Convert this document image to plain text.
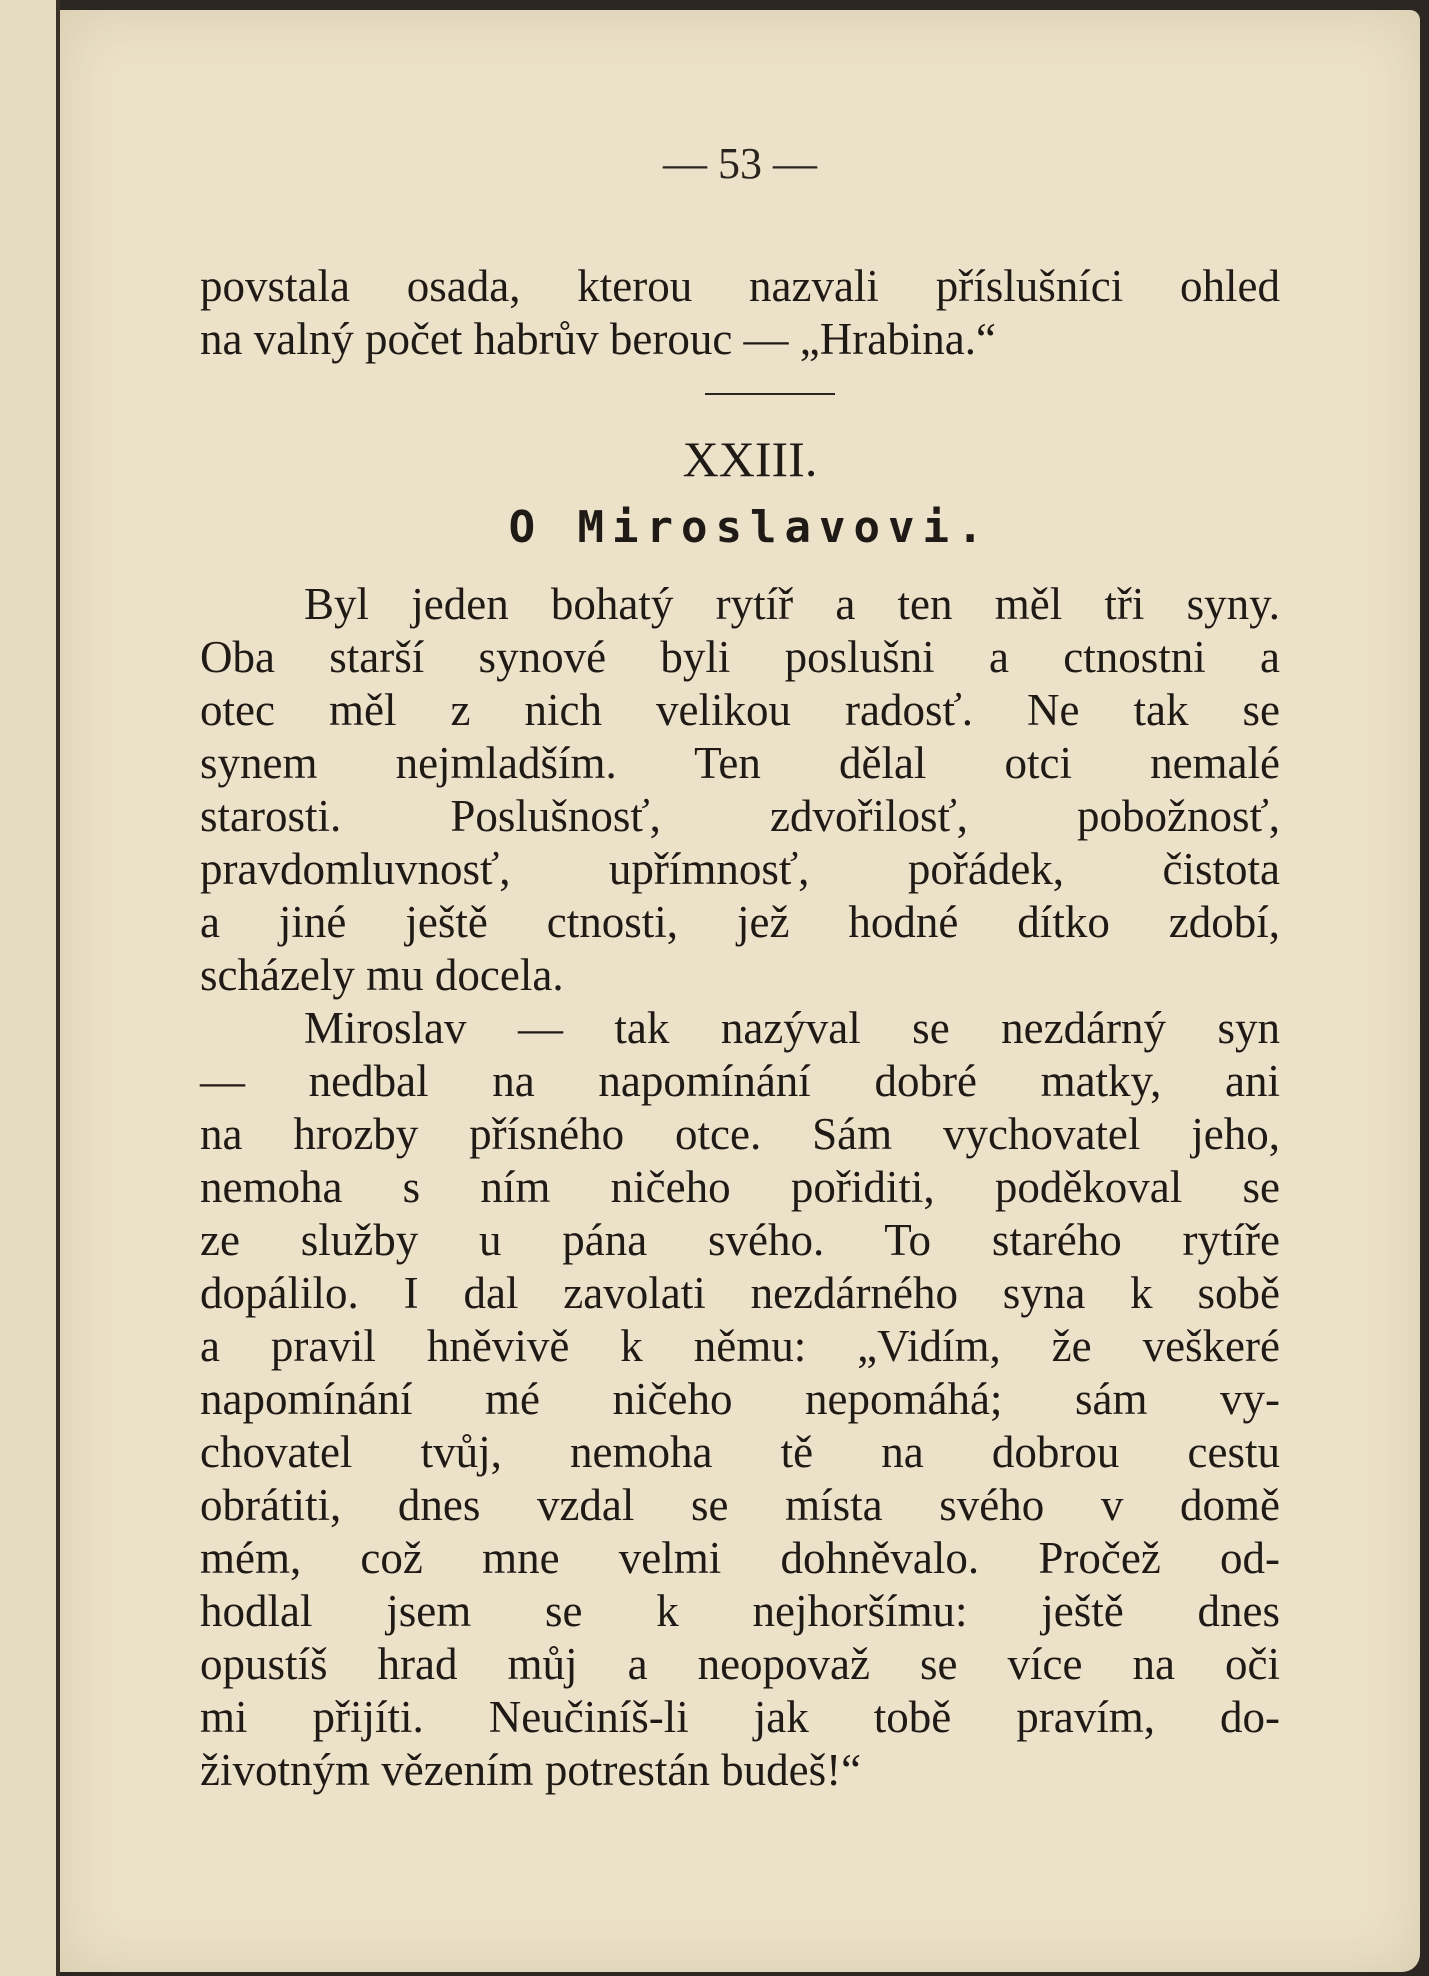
— 53 —
povstala osada, kterou nazvali příslušníci ohled
na valný počet habrův berouc — „Hrabina.“
XXIII.
O Miroslavovi.
Byl jeden bohatý rytíř a ten měl tři syny.
Oba starší synové byli poslušni a ctnostni a
otec měl z nich velikou radosť. Ne tak se
synem nejmladším. Ten dělal otci nemalé
starosti. Poslušnosť, zdvořilosť, pobožnosť,
pravdomluvnosť, upřímnosť, pořádek, čistota
a jiné ještě ctnosti, jež hodné dítko zdobí,
scházely mu docela.
Miroslav — tak nazýval se nezdárný syn
— nedbal na napomínání dobré matky, ani
na hrozby přísného otce. Sám vychovatel jeho,
nemoha s ním ničeho pořiditi, poděkoval se
ze služby u pána svého. To starého rytíře
dopálilo. I dal zavolati nezdárného syna k sobě
a pravil hněvivě k němu: „Vidím, že veškeré
napomínání mé ničeho nepomáhá; sám vy-
chovatel tvůj, nemoha tě na dobrou cestu
obrátiti, dnes vzdal se místa svého v domě
mém, což mne velmi dohněvalo. Pročež od-
hodlal jsem se k nejhoršímu: ještě dnes
opustíš hrad můj a neopovaž se více na oči
mi přijíti. Neučiníš-li jak tobě pravím, do-
životným vězením potrestán budeš!“
